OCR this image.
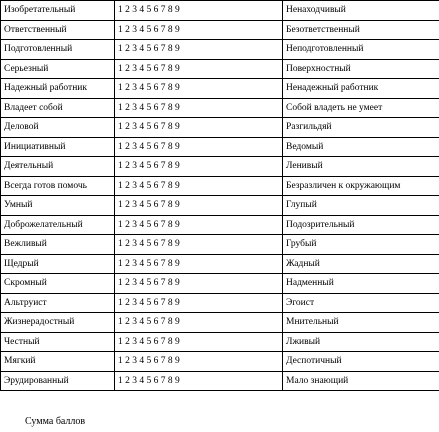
Изобретательный	1 2 3 4 5 6 7 8 9	Ненаходчивый
Ответственный	1 2 3 4 5 6 7 8 9	Безответственный
Подготовленный	1 2 3 4 5 6 7 8 9	Неподготовленный
Серьезный	1 2 3 4 5 6 7 8 9	Поверхностный
Надежный работник	1 2 3 4 5 6 7 8 9	Ненадежный работник
Владеет собой	1 2 3 4 5 6 7 8 9	Собой владеть не умеет
Деловой	1 2 3 4 5 6 7 8 9	Разгильдяй
Инициативный	1 2 3 4 5 6 7 8 9	Ведомый
Деятельный	1 2 3 4 5 6 7 8 9	Ленивый
Всегда готов помочь	1 2 3 4 5 6 7 8 9	Безразличен к окружающим
Умный	1 2 3 4 5 6 7 8 9	Глупый
Доброжелательный	1 2 3 4 5 6 7 8 9	Подозрительный
Вежливый	1 2 3 4 5 6 7 8 9	Грубый
Щедрый	1 2 3 4 5 6 7 8 9	Жадный
Скромный	1 2 3 4 5 6 7 8 9	Надменный
Альтруист	1 2 3 4 5 6 7 8 9	Эгоист
Жизнерадостный	1 2 3 4 5 6 7 8 9	Мнительный
Честный	1 2 3 4 5 6 7 8 9	Лживый
Мягкий	1 2 3 4 5 6 7 8 9	Деспотичный
Эрудированный	1 2 3 4 5 6 7 8 9	Мало знающий
Сумма баллов
